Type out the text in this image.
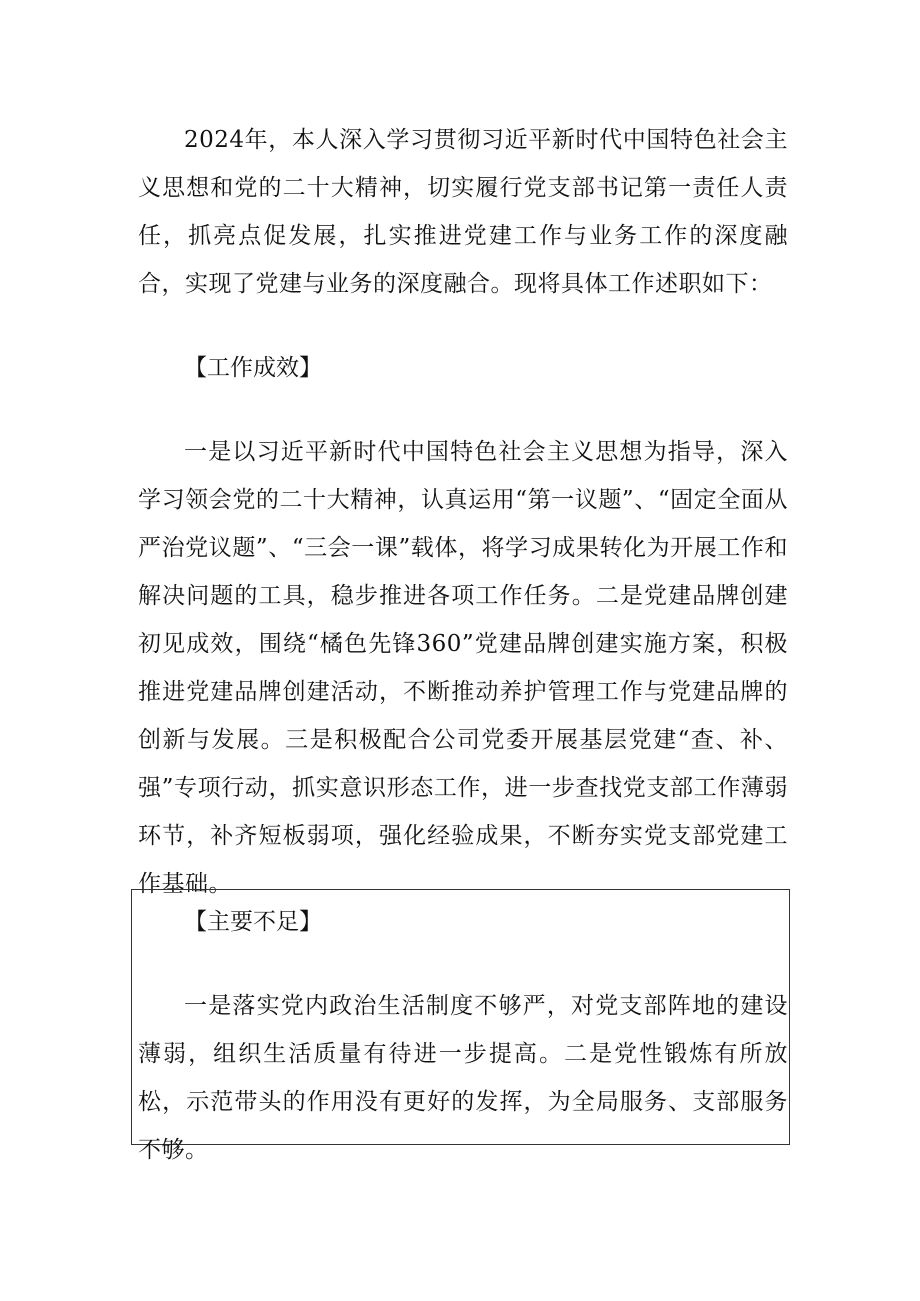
2024年，本人深入学习贯彻习近平新时代中国特色社会主义思想和党的二十大精神，切实履行党支部书记第一责任人责任，抓亮点促发展，扎实推进党建工作与业务工作的深度融合，实现了党建与业务的深度融合。现将具体工作述职如下：

【工作成效】

一是以习近平新时代中国特色社会主义思想为指导，深入学习领会党的二十大精神，认真运用“第一议题”、“固定全面从严治党议题”、“三会一课”载体，将学习成果转化为开展工作和解决问题的工具，稳步推进各项工作任务。二是党建品牌创建初见成效，围绕“橘色先锋360”党建品牌创建实施方案，积极推进党建品牌创建活动，不断推动养护管理工作与党建品牌的创新与发展。三是积极配合公司党委开展基层党建“查、补、强”专项行动，抓实意识形态工作，进一步查找党支部工作薄弱环节，补齐短板弱项，强化经验成果，不断夯实党支部党建工作基础。

【主要不足】

一是落实党内政治生活制度不够严，对党支部阵地的建设薄弱，组织生活质量有待进一步提高。二是党性锻炼有所放松，示范带头的作用没有更好的发挥，为全局服务、支部服务不够。
